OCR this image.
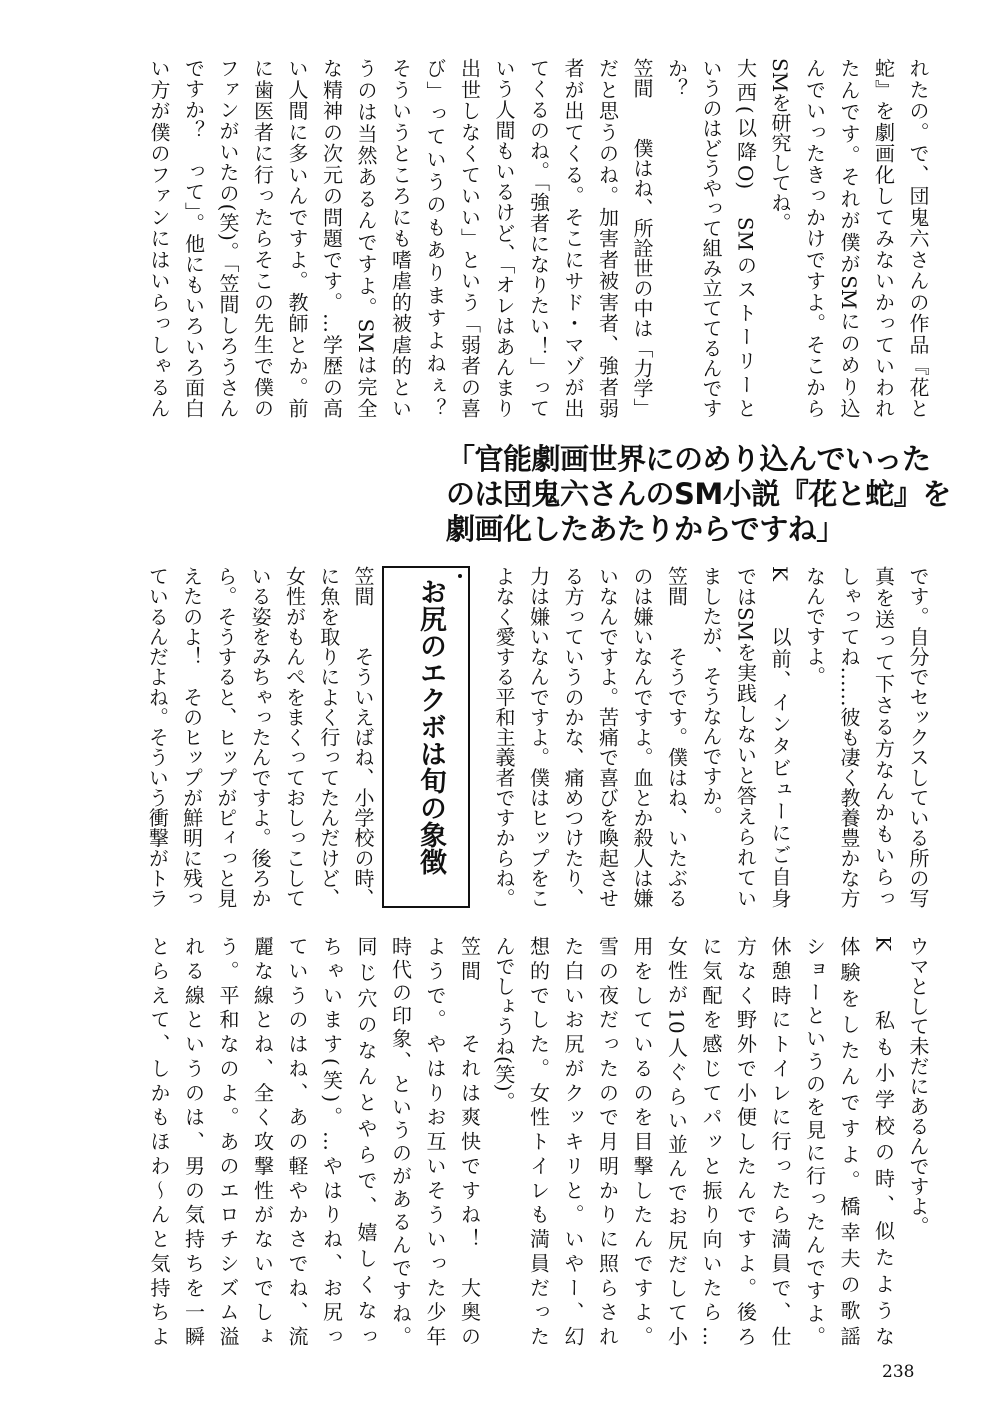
れたの。で、団鬼六さんの作品『花と
蛇』を劇画化してみないかっていわれ
たんです。それが僕がSMにのめり込
んでいったきっかけですよ。そこから
SMを研究してね。
大西(以降O)　SMのストーリーと
いうのはどうやって組み立ててるんです
か？
笠間　　僕はね、所詮世の中は「力学」
だと思うのね。加害者被害者、強者弱
者が出てくる。そこにサド・マゾが出
てくるのね。「強者になりたい！」って
いう人間もいるけど、「オレはあんまり
出世しなくていい」という「弱者の喜
び」っていうのもありますよねぇ？
そういうところにも嗜虐的被虐的とい
うのは当然あるんですよ。SMは完全
な精神の次元の問題です。…学歴の高
い人間に多いんですよ。教師とか。前
に歯医者に行ったらそこの先生で僕の
ファンがいたの(笑)。「笠間しろうさん
ですか？　って」。他にもいろいろ面白
い方が僕のファンにはいらっしゃるん
「官能劇画世界にのめり込んでいった
のは団鬼六さんのSM小説『花と蛇』を
劇画化したあたりからですね」
です。自分でセックスしている所の写
真を送って下さる方なんかもいらっ
しゃってね……彼も凄く教養豊かな方
なんですよ。
K　　以前、インタビューにご自身
ではSMを実践しないと答えられてい
ましたが、そうなんですか。
笠間　　そうです。僕はね、いたぶる
のは嫌いなんですよ。血とか殺人は嫌
いなんですよ。苦痛で喜びを喚起させ
る方っていうのかな、痛めつけたり、
力は嫌いなんですよ。僕はヒップをこ
よなく愛する平和主義者ですからね。
お尻のエクボは旬の象徴
笠間　　そういえばね、小学校の時、
に魚を取りによく行ってたんだけど、
女性がもんぺをまくっておしっこして
いる姿をみちゃったんですよ。後ろか
ら。そうすると、ヒップがピィっと見
えたのよ！　そのヒップが鮮明に残っ
ているんだよね。そういう衝撃がトラ
ウマとして未だにあるんですよ。
K　　私も小学校の時、似たような
体験をしたんですよ。橋幸夫の歌謡
ショーというのを見に行ったんですよ。
休憩時にトイレに行ったら満員で、仕
方なく野外で小便したんですよ。後ろ
に気配を感じてパッと振り向いたら…
女性が10人ぐらい並んでお尻だして小
用をしているのを目撃したんですよ。
雪の夜だったので月明かりに照らされ
た白いお尻がクッキリと。いやー、幻
想的でした。女性トイレも満員だった
んでしょうね(笑)。
笠間　　それは爽快ですね！　大奥の
ようで。やはりお互いそういった少年
時代の印象、というのがあるんですね。
同じ穴のなんとやらで、嬉しくなっ
ちゃいます(笑)。…やはりね、お尻っ
ていうのはね、あの軽やかさでね、流
麗な線とね、全く攻撃性がないでしょ
う。平和なのよ。あのエロチシズム溢
れる線というのは、男の気持ちを一瞬
とらえて、しかもほわ～んと気持ちよ
238
